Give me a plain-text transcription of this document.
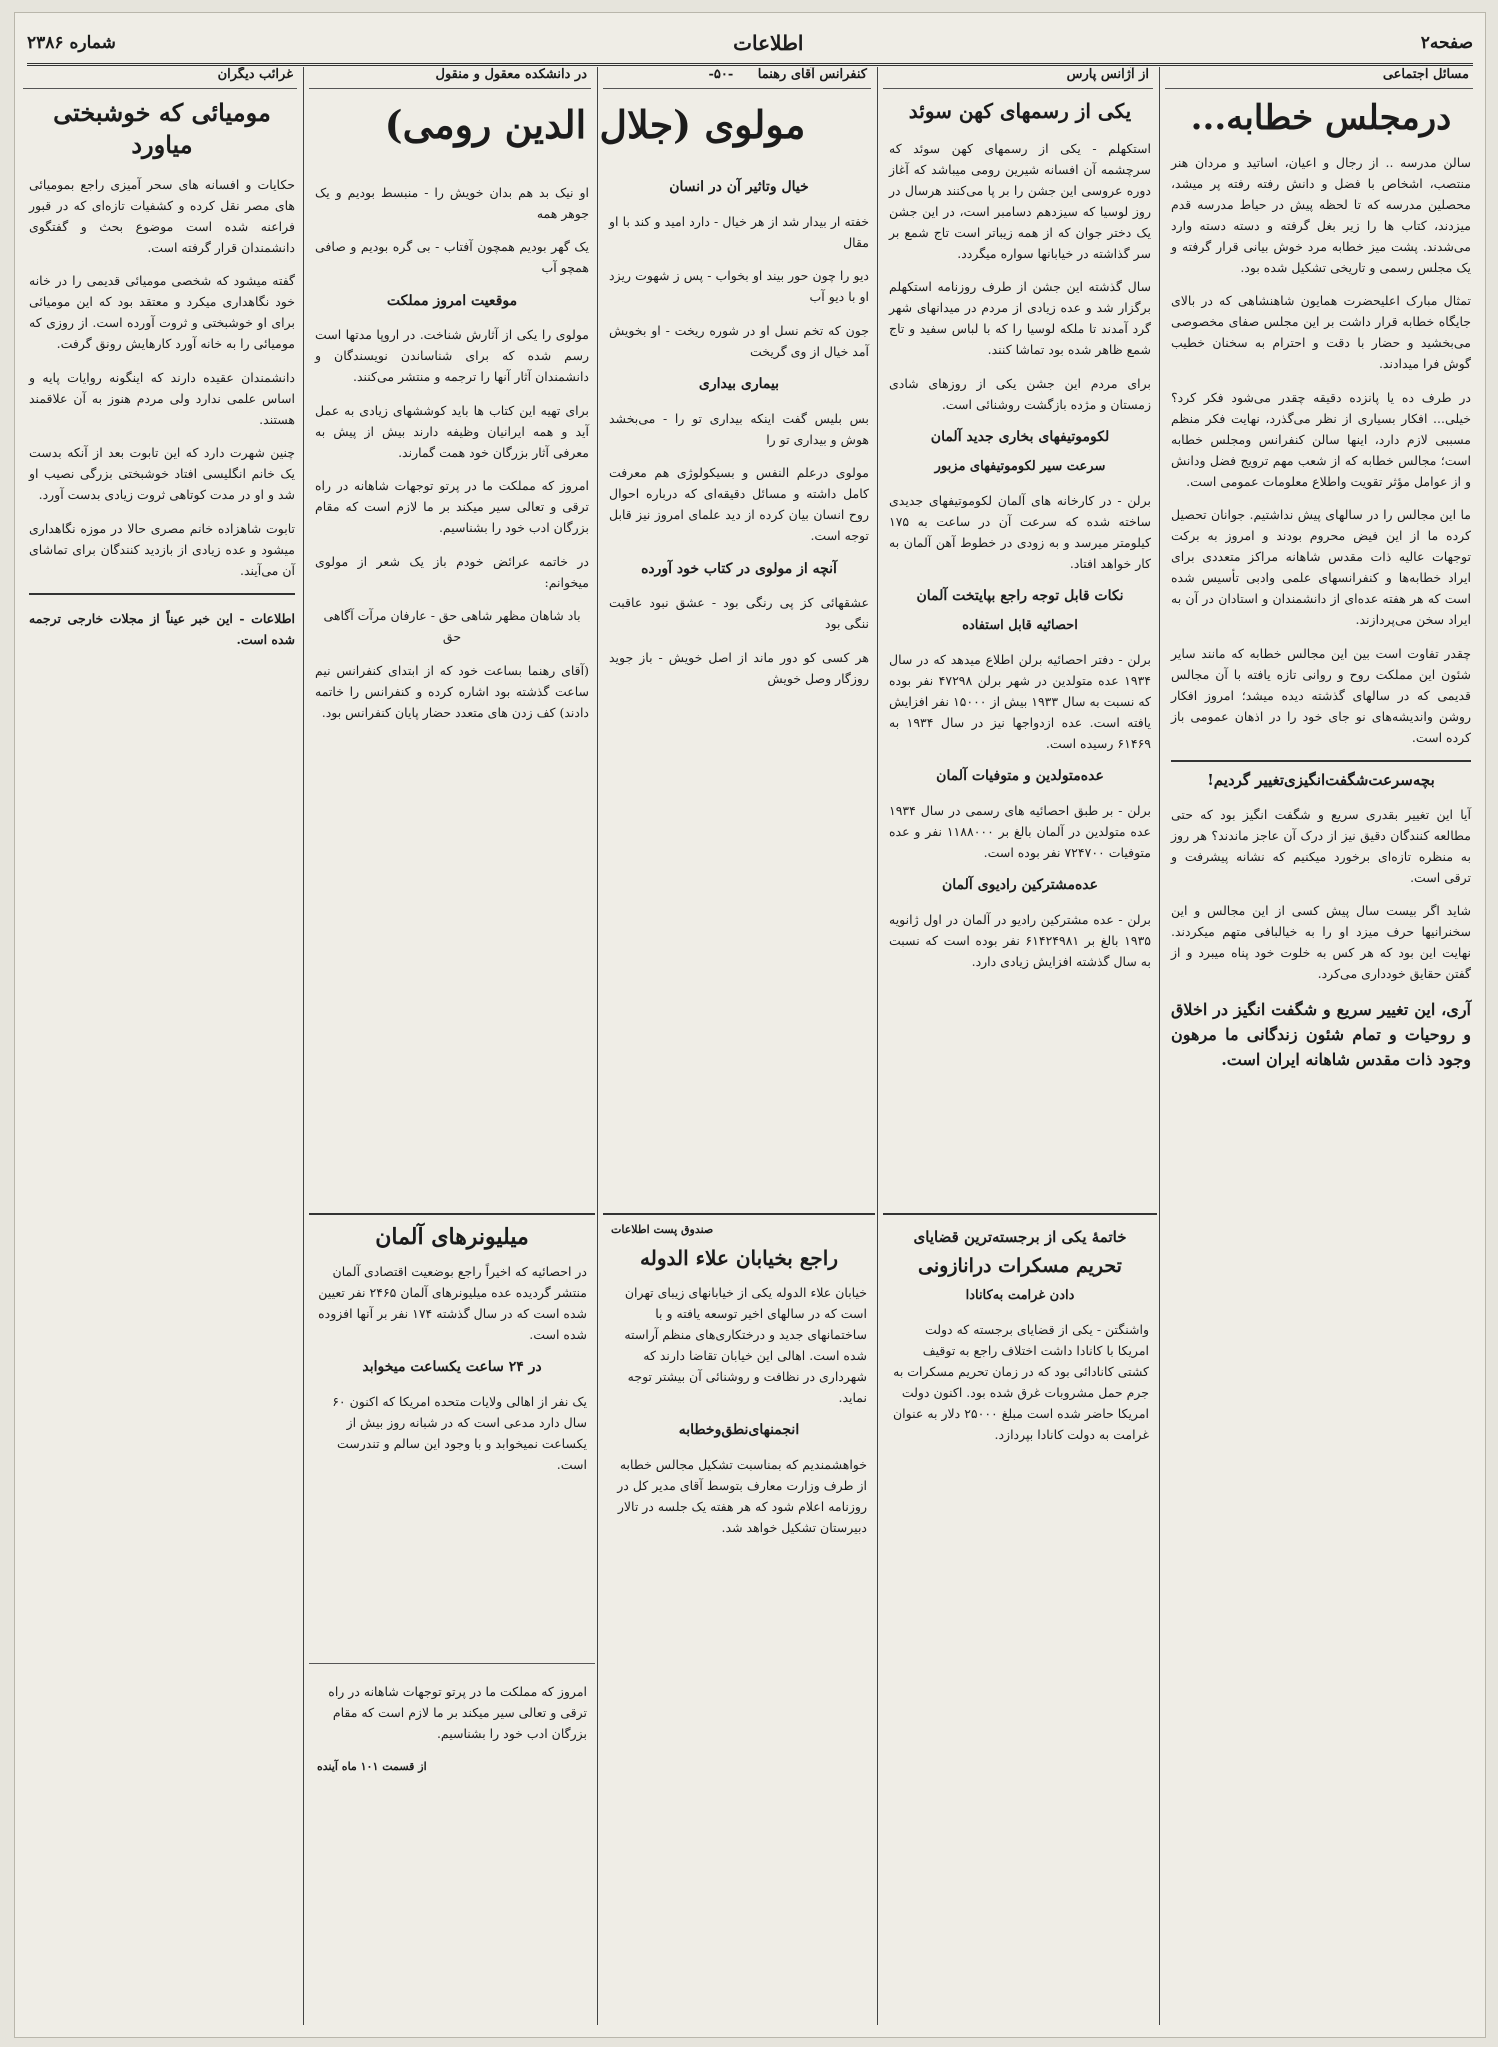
صفحه۲
اطلاعات
شماره ۲۳۸۶
مسائل اجتماعی
از آژانس پارس
کنفرانس آقای رهنما -۵۰-
در دانشکده معقول و منقول
غرائب دیگران
درمجلس خطابه...

سالن مدرسه .. از رجال و اعیان، اساتید و مردان هنر منتصب، اشخاص با فضل و دانش رفته رفته پر میشد، محصلین مدرسه که تا لحظه پیش در حیاط مدرسه قدم میزدند، کتاب ها را زیر بغل گرفته و دسته دسته وارد می‌شدند. پشت میز خطابه مرد خوش بیانی قرار گرفته و یک مجلس رسمی و تاریخی تشکیل شده بود.

تمثال مبارک اعلیحضرت همایون شاهنشاهی که در بالای جایگاه خطابه قرار داشت بر این مجلس صفای مخصوصی می‌بخشید و حضار با دقت و احترام به سخنان خطیب گوش فرا میدادند.

در طرف ده یا پانزده دقیقه چقدر می‌شود فکر کرد؟ خیلی... افکار بسیاری از نظر می‌گذرد، نهایت فکر منظم مسببی لازم دارد، اینها سالن کنفرانس ومجلس خطابه است؛ مجالس خطابه که از شعب مهم ترویج فضل ودانش و از عوامل مؤثر تقویت واطلاع معلومات عمومی است.

ما این مجالس را در سالهای پیش نداشتیم. جوانان تحصیل کرده ما از این فیض محروم بودند و امروز به برکت توجهات عالیه ذات مقدس شاهانه مراکز متعددی برای ایراد خطابه‌ها و کنفرانسهای علمی وادبی تأسیس شده است که هر هفته عده‌ای از دانشمندان و استادان در آن به ایراد سخن می‌پردازند.

چقدر تفاوت است بین این مجالس خطابه که مانند سایر شئون این مملکت روح و روانی تازه یافته با آن مجالس قدیمی که در سالهای گذشته دیده میشد؛ امروز افکار روشن واندیشه‌های نو جای خود را در اذهان عمومی باز کرده است.

بچه‌سرعت‌شگفت‌انگیزی‌تغییر‌ گردیم!

آیا این تغییر بقدری سریع و شگفت انگیز بود که حتی مطالعه کنندگان دقیق نیز از درک آن عاجز ماندند؟ هر روز به منظره تازه‌ای برخورد میکنیم که نشانه پیشرفت و ترقی است.

شاید اگر بیست سال پیش کسی از این مجالس و این سخنرانیها حرف میزد او را به خیالبافی متهم میکردند. نهایت این بود که هر کس به خلوت خود پناه میبرد و از گفتن حقایق خودداری می‌کرد.

آری، این تغییر سریع و شگفت انگیز در اخلاق و روحیات و تمام شئون زندگانی ما مرهون وجود ذات مقدس شاهانه ایران است.
یکی از رسمهای کهن سوئد

استکهلم - یکی از رسمهای کهن سوئد که سرچشمه آن افسانه شیرین رومی میباشد که آغاز دوره عروسی این جشن را بر پا می‌کنند هرسال در روز لوسیا که سیزدهم دسامبر است، در این جشن یک دختر جوان که از همه زیباتر است تاج شمع بر سر گذاشته در خیابانها سواره میگردد.

سال گذشته این جشن از طرف روزنامه استکهلم برگزار شد و عده زیادی از مردم در میدانهای شهر گرد آمدند تا ملکه لوسیا را که با لباس سفید و تاج شمع ظاهر شده بود تماشا کنند.

برای مردم این جشن یکی از روزهای شادی زمستان و مژده بازگشت روشنائی است.

لکوموتیفهای بخاری جدید آلمان
سرعت سیر لکوموتیفهای مزبور

برلن - در کارخانه های آلمان لکوموتیفهای جدیدی ساخته شده که سرعت آن در ساعت به ۱۷۵ کیلومتر میرسد و به زودی در خطوط آهن آلمان به کار خواهد افتاد.

نکات قابل توجه راجع بپایتخت آلمان
احصائیه قابل استفاده

برلن - دفتر احصائیه برلن اطلاع میدهد که در سال ۱۹۳۴ عده متولدین در شهر برلن ۴۷۲۹۸ نفر بوده که نسبت به سال ۱۹۳۳ بیش از ۱۵۰۰۰ نفر افزایش یافته است. عده ازدواجها نیز در سال ۱۹۳۴ به ۶۱۴۶۹ رسیده است.

عده‌متولدین و متوفیات آلمان

برلن - بر طبق احصائیه های رسمی در سال ۱۹۳۴ عده متولدین در آلمان بالغ بر ۱۱۸۸۰۰۰ نفر و عده متوفیات ۷۲۴۷۰۰ نفر بوده است.

عده‌مشترکین رادیوی آلمان

برلن - عده مشترکین رادیو در آلمان در اول ژانویه ۱۹۳۵ بالغ بر ۶۱۴۲۴۹۸۱ نفر بوده است که نسبت به سال گذشته افزایش زیادی دارد.

مولوی (جلال الدین رومی)
خیال وتاثیر آن در انسان

خفته ار بیدار شد از هر خیال - دارد امید و کند با او مقال

دیو را چون حور بیند او بخواب - پس ز شهوت ریزد او با دیو آب

جون که تخم نسل او در شوره ریخت - او بخویش آمد خیال از وی گریخت

بیماری بیداری

بس بلیس گفت اینکه بیداری تو را - می‌بخشد هوش و بیداری تو را

مولوی درعلم النفس و بسیکولوژی هم معرفت کامل داشته و مسائل دقیقه‌ای که درباره احوال روح انسان بیان کرده از دید علمای امروز نیز قابل توجه است.

آنچه از مولوی در کتاب خود آورده

عشقهائی کز پی رنگی بود - عشق نبود عاقبت ننگی بود

هر کسی کو دور ماند از اصل خویش - باز جوید روزگار وصل خویش

او نیک بد هم بدان خویش را - منبسط بودیم و یک جوهر همه

یک گهر بودیم همچون آفتاب - بی گره بودیم و صافی همچو آب

موقعیت امروز مملکت

مولوی را یکی از آثارش شناخت. در اروپا مدتها است رسم شده که برای شناساندن نویسندگان و دانشمندان آثار آنها را ترجمه و منتشر می‌کنند.

برای تهیه این کتاب ها باید کوششهای زیادی به عمل آید و همه ایرانیان وظیفه دارند بیش از پیش به معرفی آثار بزرگان خود همت گمارند.

امروز که مملکت ما در پرتو توجهات شاهانه در راه ترقی و تعالی سیر میکند بر ما لازم است که مقام بزرگان ادب خود را بشناسیم.

در خاتمه عرائض خودم باز یک شعر از مولوی میخوانم:

باد شاهان مظهر شاهی حق - عارفان مرآت آگاهی حق

(آقای رهنما بساعت خود که از ابتدای کنفرانس نیم ساعت گذشته بود اشاره کرده و کنفرانس را خاتمه دادند) کف زدن های متعدد حضار پایان کنفرانس بود.

مومیائی که خوشبختی میاورد

حکایات و افسانه های سحر آمیزی راجع بمومیائی های مصر نقل کرده و کشفیات تازه‌ای که در قبور فراعنه شده است موضوع بحث و گفتگوی دانشمندان قرار گرفته است.

گفته میشود که شخصی مومیائی قدیمی را در خانه خود نگاهداری میکرد و معتقد بود که این مومیائی برای او خوشبختی و ثروت آورده است. از روزی که مومیائی را به خانه آورد کارهایش رونق گرفت.

دانشمندان عقیده دارند که اینگونه روایات پایه و اساس علمی ندارد ولی مردم هنوز به آن علاقمند هستند.

چنین شهرت دارد که این تابوت بعد از آنکه بدست یک خانم انگلیسی افتاد خوشبختی بزرگی نصیب او شد و او در مدت کوتاهی ثروت زیادی بدست آورد.

تابوت شاهزاده خانم مصری حالا در موزه نگاهداری میشود و عده زیادی از بازدید کنندگان برای تماشای آن می‌آیند.

اطلاعات - این خبر عیناً از مجلات خارجی ترجمه شده است.

میلیونرهای آلمان

در احصائیه که اخیراً راجع بوضعیت اقتصادی آلمان منتشر گردیده عده میلیونرهای آلمان ۲۴۶۵ نفر تعیین شده است که در سال گذشته ۱۷۴ نفر بر آنها افزوده شده است.

در ۲۴ ساعت یکساعت میخوابد

یک نفر از اهالی ولایات متحده امریکا که اکنون ۶۰ سال دارد مدعی است که در شبانه روز بیش از یکساعت نمیخوابد و با وجود این سالم و تندرست است.

صندوق پست اطلاعات
راجع بخیابان علاء الدوله

خیابان علاء الدوله یکی از خیابانهای زیبای تهران است که در سالهای اخیر توسعه یافته و با ساختمانهای جدید و درختکاری‌های منظم آراسته شده است. اهالی این خیابان تقاضا دارند که شهرداری در نظافت و روشنائی آن بیشتر توجه نماید.

انجمنهای‌نطق‌وخطابه

خواهشمندیم که بمناسبت تشکیل مجالس خطابه از طرف وزارت معارف بتوسط آقای مدیر کل در روزنامه اعلام شود که هر هفته یک جلسه در تالار دبیرستان تشکیل خواهد شد.

خاتمهٔ یکی از برجسته‌ترین قضایای
تحریم مسکرات درانازونی
دادن غرامت به‌کانادا

واشنگتن - یکی از قضایای برجسته که دولت امریکا با کانادا داشت اختلاف راجع به توقیف کشتی کانادائی بود که در زمان تحریم مسکرات به جرم حمل مشروبات غرق شده بود. اکنون دولت امریکا حاضر شده است مبلغ ۲۵۰۰۰ دلار به عنوان غرامت به دولت کانادا بپردازد.

امروز که مملکت ما در پرتو توجهات شاهانه در راه ترقی و تعالی سیر میکند بر ما لازم است که مقام بزرگان ادب خود را بشناسیم.

از قسمت ۱۰۱ ماه آینده
